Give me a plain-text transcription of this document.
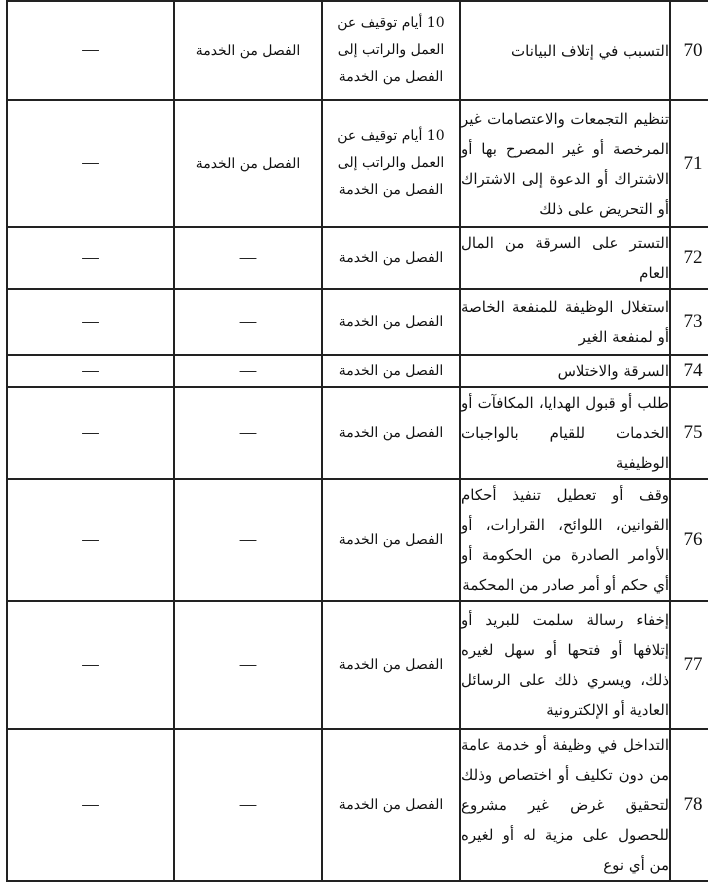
70	التسبب في إتلاف البيانات	10 أيام توقيف عن العمل والراتب إلى الفصل من الخدمة	الفصل من الخدمة	——
71	تنظيم التجمعات والاعتصامات غير المرخصة أو غير المصرح بها أو الاشتراك أو الدعوة إلى الاشتراك أو التحريض على ذلك	10 أيام توقيف عن العمل والراتب إلى الفصل من الخدمة	الفصل من الخدمة	——
72	التستر على السرقة من المال العام	الفصل من الخدمة	——	——
73	استغلال الوظيفة للمنفعة الخاصة أو لمنفعة الغير	الفصل من الخدمة	——	——
74	السرقة والاختلاس	الفصل من الخدمة	——	——
75	طلب أو قبول الهدايا، المكافآت أو الخدمات للقيام بالواجبات الوظيفية	الفصل من الخدمة	——	——
76	وقف أو تعطيل تنفيذ أحكام القوانين، اللوائح، القرارات، أو الأوامر الصادرة من الحكومة أو أي حكم أو أمر صادر من المحكمة	الفصل من الخدمة	——	——
77	إخفاء رسالة سلمت للبريد أو إتلافها أو فتحها أو سهل لغيره ذلك، ويسري ذلك على الرسائل العادية أو الإلكترونية	الفصل من الخدمة	——	——
78	التداخل في وظيفة أو خدمة عامة من دون تكليف أو اختصاص وذلك لتحقيق غرض غير مشروع للحصول على مزية له أو لغيره من أي نوع	الفصل من الخدمة	——	——
